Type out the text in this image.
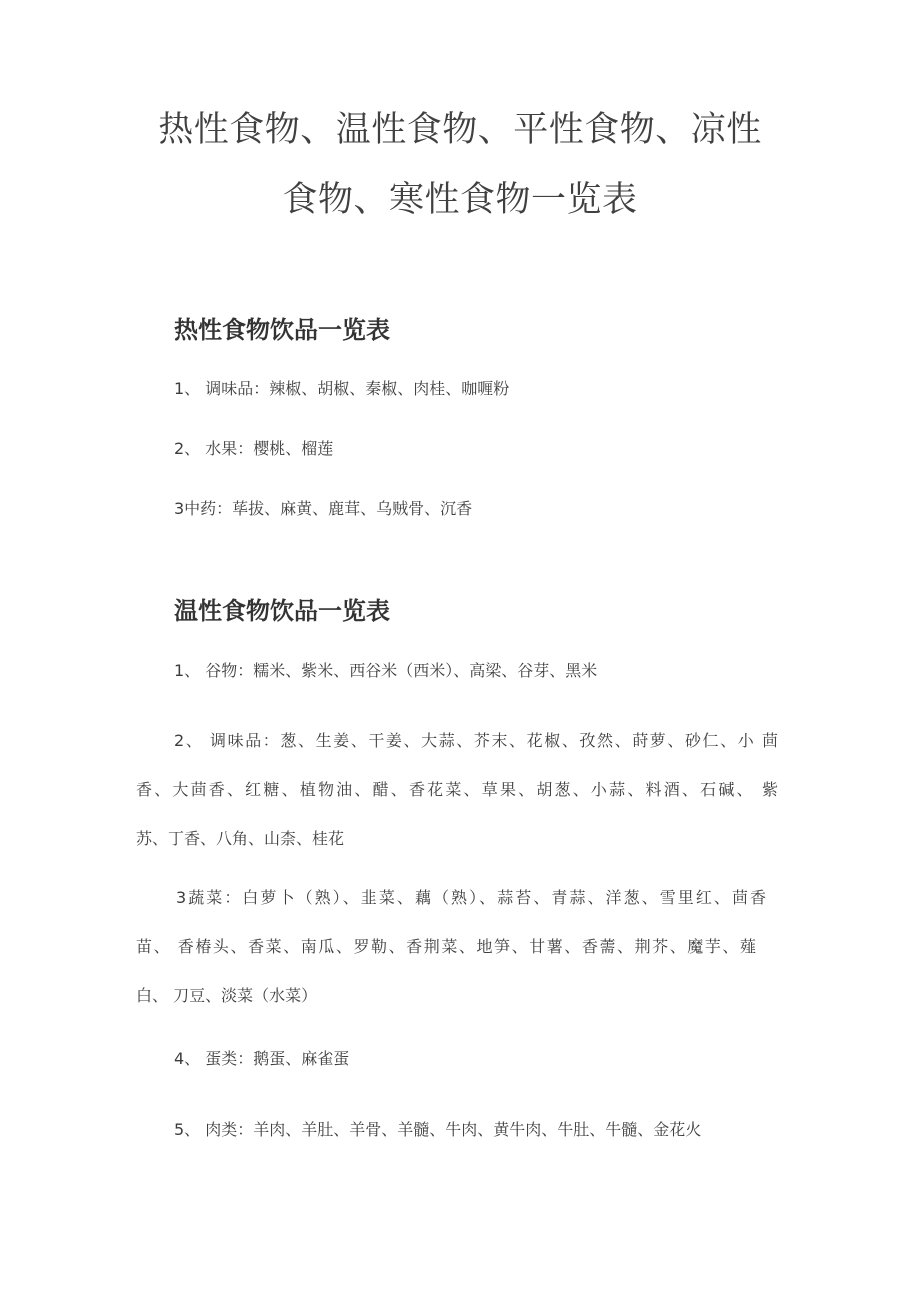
热性食物、温性食物、平性食物、凉性
食物、寒性食物一览表
热性食物饮品一览表
1、 调味品：辣椒、胡椒、秦椒、肉桂、咖喱粉
2、 水果：樱桃、榴莲
3中药：荜拔、麻黄、鹿茸、乌贼骨、沉香
温性食物饮品一览表
1、 谷物：糯米、紫米、西谷米（西米）、高梁、谷芽、黑米
2、 调味品：葱、生姜、干姜、大蒜、芥末、花椒、孜然、莳萝、砂仁、小 茴
香、大茴香、红糖、植物油、醋、香花菜、草果、胡葱、小蒜、料酒、石碱、 紫
苏、丁香、八角、山柰、桂花
3蔬菜：白萝卜（熟）、韭菜、藕（熟）、蒜苔、青蒜、洋葱、雪里红、茴香
苗、 香椿头、香菜、南瓜、罗勒、香荆菜、地笋、甘薯、香薷、荆芥、魔芋、薤
白、 刀豆、淡菜（水菜）
4、 蛋类：鹅蛋、麻雀蛋
5、 肉类：羊肉、羊肚、羊骨、羊髓、牛肉、黄牛肉、牛肚、牛髓、金花火
